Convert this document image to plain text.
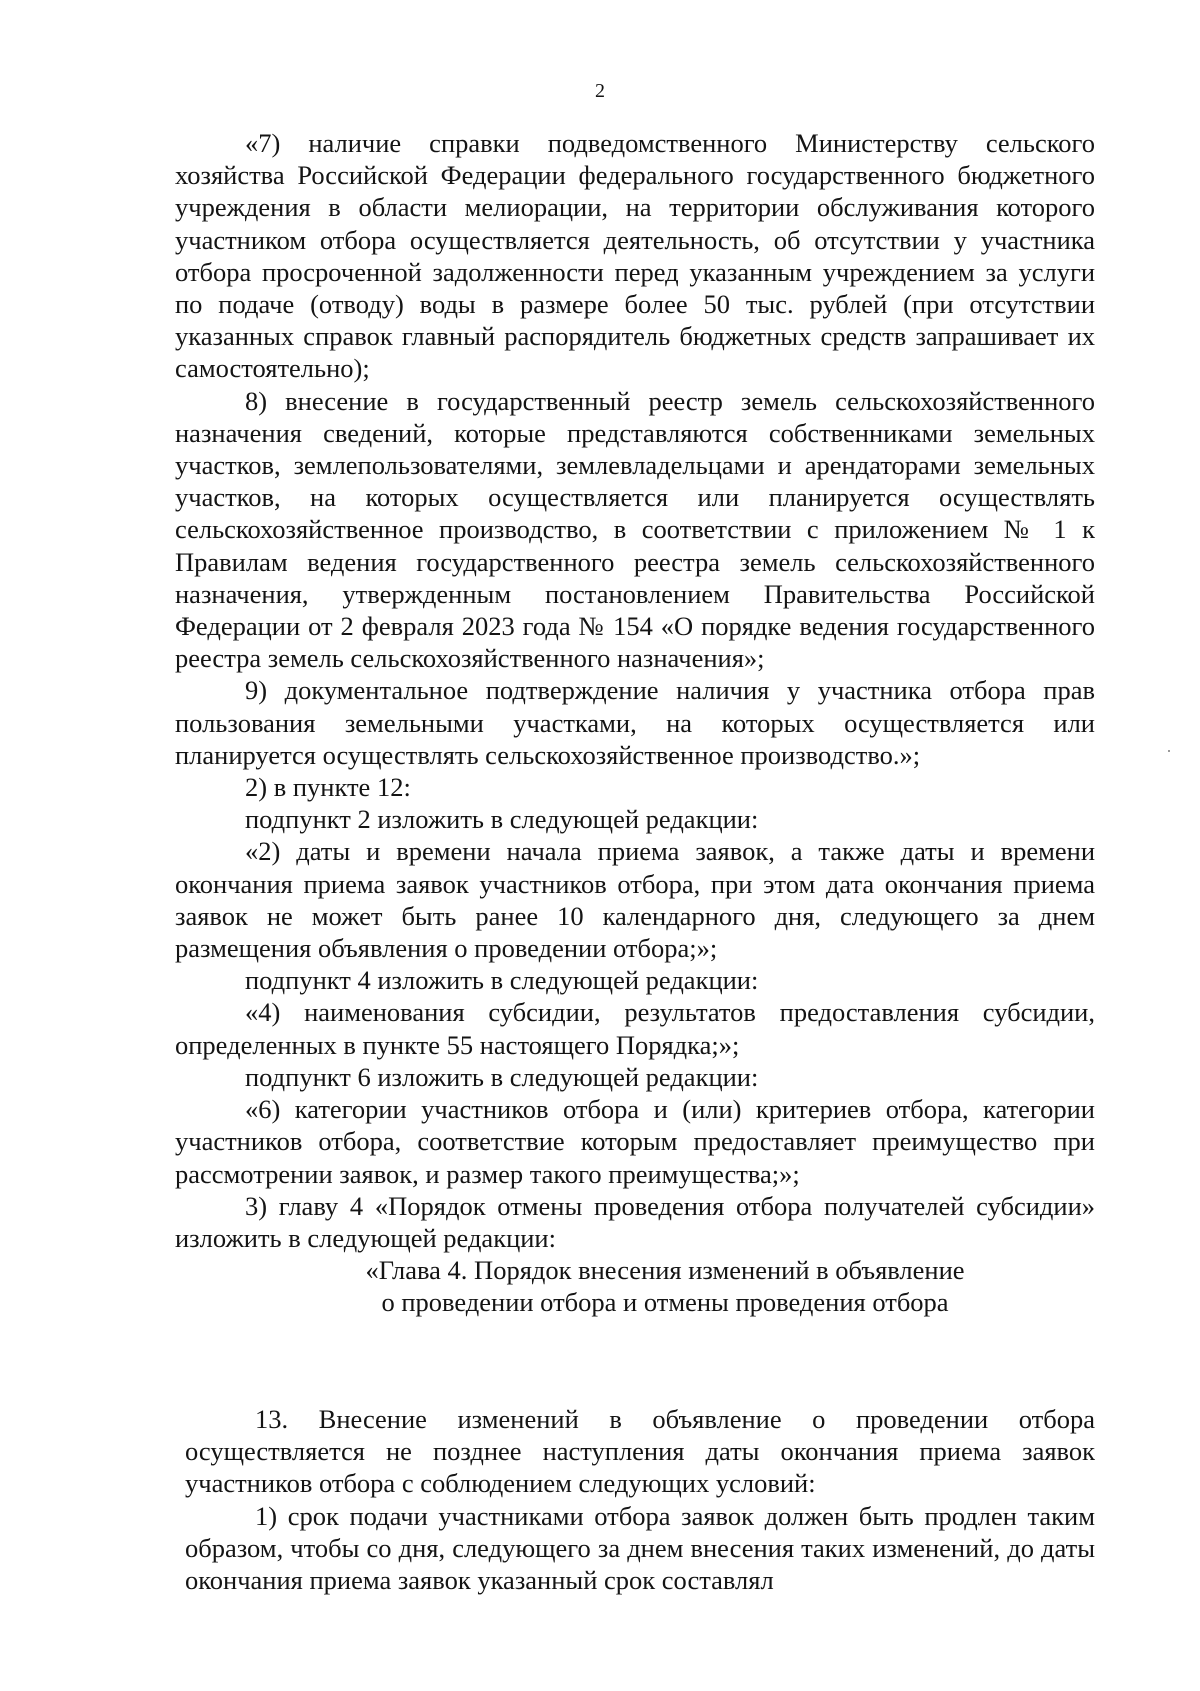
2

«7) наличие справки подведомственного Министерству сельского хозяйства Российской Федерации федерального государственного бюджетного учреждения в области мелиорации, на территории обслуживания которого участником отбора осуществляется деятельность, об отсутствии у участника отбора просроченной задолженности перед указанным учреждением за услуги по подаче (отводу) воды в размере более 50 тыс. рублей (при отсутствии указанных справок главный распорядитель бюджетных средств запрашивает их самостоятельно);

8) внесение в государственный реестр земель сельскохозяйственного назначения сведений, которые представляются собственниками земельных участков, землепользователями, землевладельцами и арендаторами земельных участков, на которых осуществляется или планируется осуществлять сельскохозяйственное производство, в соответствии с приложением № 1 к Правилам ведения государственного реестра земель сельскохозяйственного назначения, утвержденным постановлением Правительства Российской Федерации от 2 февраля 2023 года № 154 «О порядке ведения государственного реестра земель сельскохозяйственного назначения»;

9) документальное подтверждение наличия у участника отбора прав пользования земельными участками, на которых осуществляется или планируется осуществлять сельскохозяйственное производство.»;

2) в пункте 12:

подпункт 2 изложить в следующей редакции:

«2) даты и времени начала приема заявок, а также даты и времени окончания приема заявок участников отбора, при этом дата окончания приема заявок не может быть ранее 10 календарного дня, следующего за днем размещения объявления о проведении отбора;»;

подпункт 4 изложить в следующей редакции:

«4) наименования субсидии, результатов предоставления субсидии, определенных в пункте 55 настоящего Порядка;»;

подпункт 6 изложить в следующей редакции:

«6) категории участников отбора и (или) критериев отбора, категории участников отбора, соответствие которым предоставляет преимущество при рассмотрении заявок, и размер такого преимущества;»;

3) главу 4 «Порядок отмены проведения отбора получателей субсидии» изложить в следующей редакции:

«Глава 4. Порядок внесения изменений в объявление
о проведении отбора и отмены проведения отбора

13. Внесение изменений в объявление о проведении отбора осуществляется не позднее наступления даты окончания приема заявок участников отбора с соблюдением следующих условий:

1) срок подачи участниками отбора заявок должен быть продлен таким образом, чтобы со дня, следующего за днем внесения таких изменений, до даты окончания приема заявок указанный срок составлял
